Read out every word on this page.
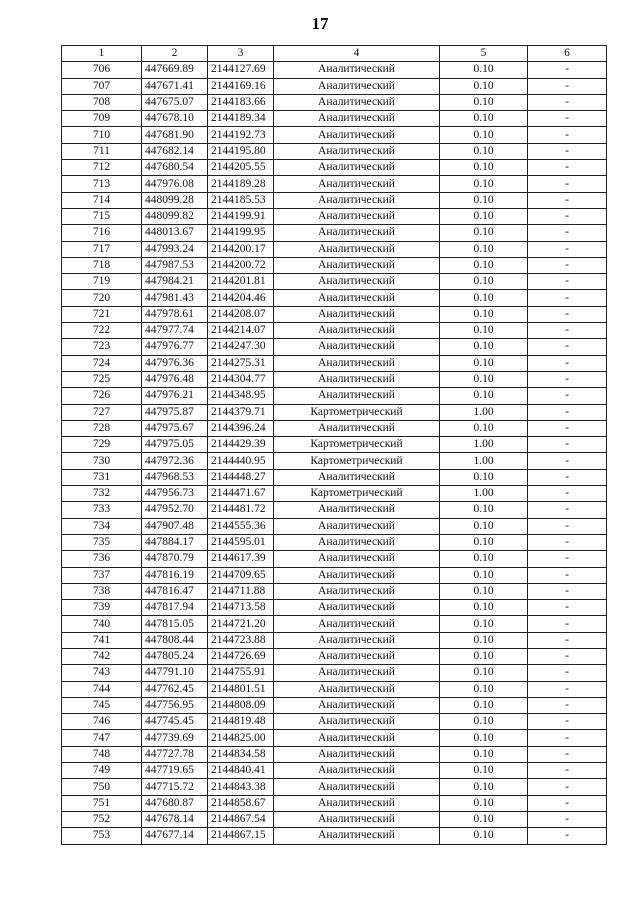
17
1	2	3	4	5	6
706	447669.89	2144127.69	Аналитический	0.10	-
707	447671.41	2144169.16	Аналитический	0.10	-
708	447675.07	2144183.66	Аналитический	0.10	-
709	447678.10	2144189.34	Аналитический	0.10	-
710	447681.90	2144192.73	Аналитический	0.10	-
711	447682.14	2144195.80	Аналитический	0.10	-
712	447680.54	2144205.55	Аналитический	0.10	-
713	447976.08	2144189.28	Аналитический	0.10	-
714	448099.28	2144185.53	Аналитический	0.10	-
715	448099.82	2144199.91	Аналитический	0.10	-
716	448013.67	2144199.95	Аналитический	0.10	-
717	447993.24	2144200.17	Аналитический	0.10	-
718	447987.53	2144200.72	Аналитический	0.10	-
719	447984.21	2144201.81	Аналитический	0.10	-
720	447981.43	2144204.46	Аналитический	0.10	-
721	447978.61	2144208.07	Аналитический	0.10	-
722	447977.74	2144214.07	Аналитический	0.10	-
723	447976.77	2144247.30	Аналитический	0.10	-
724	447976.36	2144275.31	Аналитический	0.10	-
725	447976.48	2144304.77	Аналитический	0.10	-
726	447976.21	2144348.95	Аналитический	0.10	-
727	447975.87	2144379.71	Картометрический	1.00	-
728	447975.67	2144396.24	Аналитический	0.10	-
729	447975.05	2144429.39	Картометрический	1.00	-
730	447972.36	2144440.95	Картометрический	1.00	-
731	447968.53	2144448.27	Аналитический	0.10	-
732	447956.73	2144471.67	Картометрический	1.00	-
733	447952.70	2144481.72	Аналитический	0.10	-
734	447907.48	2144555.36	Аналитический	0.10	-
735	447884.17	2144595.01	Аналитический	0.10	-
736	447870.79	2144617.39	Аналитический	0.10	-
737	447816.19	2144709.65	Аналитический	0.10	-
738	447816.47	2144711.88	Аналитический	0.10	-
739	447817.94	2144713.58	Аналитический	0.10	-
740	447815.05	2144721.20	Аналитический	0.10	-
741	447808.44	2144723.88	Аналитический	0.10	-
742	447805.24	2144726.69	Аналитический	0.10	-
743	447791.10	2144755.91	Аналитический	0.10	-
744	447762.45	2144801.51	Аналитический	0.10	-
745	447756.95	2144808.09	Аналитический	0.10	-
746	447745.45	2144819.48	Аналитический	0.10	-
747	447739.69	2144825.00	Аналитический	0.10	-
748	447727.78	2144834.58	Аналитический	0.10	-
749	447719.65	2144840.41	Аналитический	0.10	-
750	447715.72	2144843.38	Аналитический	0.10	-
751	447680.87	2144858.67	Аналитический	0.10	-
752	447678.14	2144867.54	Аналитический	0.10	-
753	447677.14	2144867.15	Аналитический	0.10	-
